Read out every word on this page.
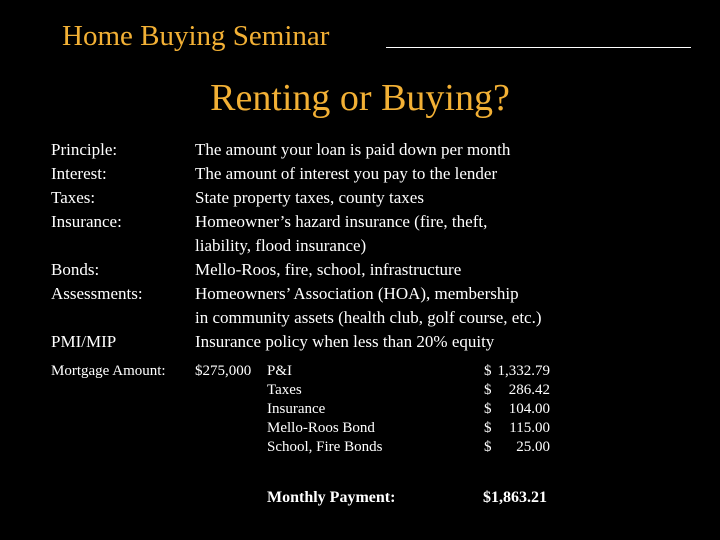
Home Buying Seminar
Renting or Buying?
Principle:
Interest:
Taxes:
Insurance:
Bonds:
Assessments:
PMI/MIP
The amount your loan is paid down per month
The amount of interest you pay to the lender
State property taxes, county taxes
Homeowner’s hazard insurance (fire, theft,
liability, flood insurance)
Mello-Roos, fire, school, infrastructure
Homeowners’ Association (HOA), membership
in community assets (health club, golf course, etc.)
Insurance policy when less than 20% equity
Mortgage Amount: $275,000 P&I
Taxes
Insurance
Mello-Roos Bond
School, Fire Bonds
$
$
$
$
$
1,332.79
286.42
104.00
115.00
25.00
Monthly Payment:	$1,863.21
